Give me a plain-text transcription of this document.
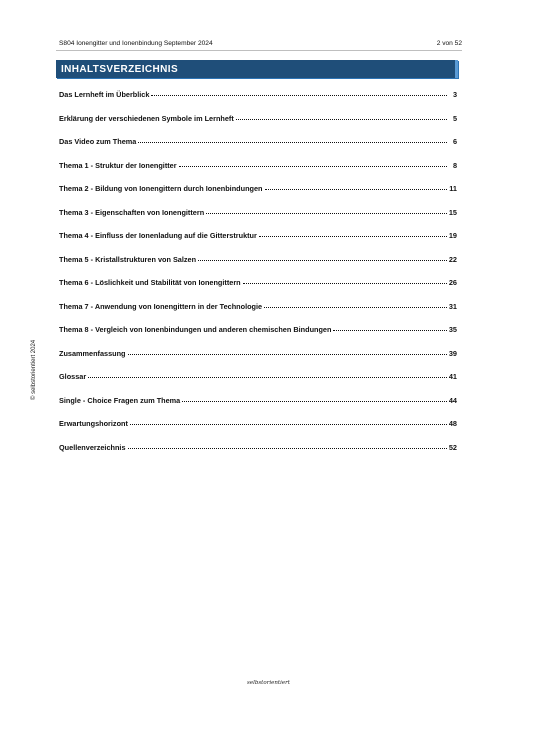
S804 Ionengitter und Ionenbindung September 2024	2 von 52
INHALTSVERZEICHNIS
Das Lernheft im Überblick	3
Erklärung der verschiedenen Symbole im Lernheft	5
Das Video zum Thema	6
Thema 1 - Struktur der Ionengitter	8
Thema 2 - Bildung von Ionengittern durch Ionenbindungen	11
Thema 3 - Eigenschaften von Ionengittern	15
Thema 4 - Einfluss der Ionenladung auf die Gitterstruktur	19
Thema 5 - Kristallstrukturen von Salzen	22
Thema 6 - Löslichkeit und Stabilität von Ionengittern	26
Thema 7 - Anwendung von Ionengittern in der Technologie	31
Thema 8 - Vergleich von Ionenbindungen und anderen chemischen Bindungen	35
Zusammenfassung	39
Glossar	41
Single - Choice Fragen zum Thema	44
Erwartungshorizont	48
Quellenverzeichnis	52
© selbstorientiert 2024
selbstorientiert
